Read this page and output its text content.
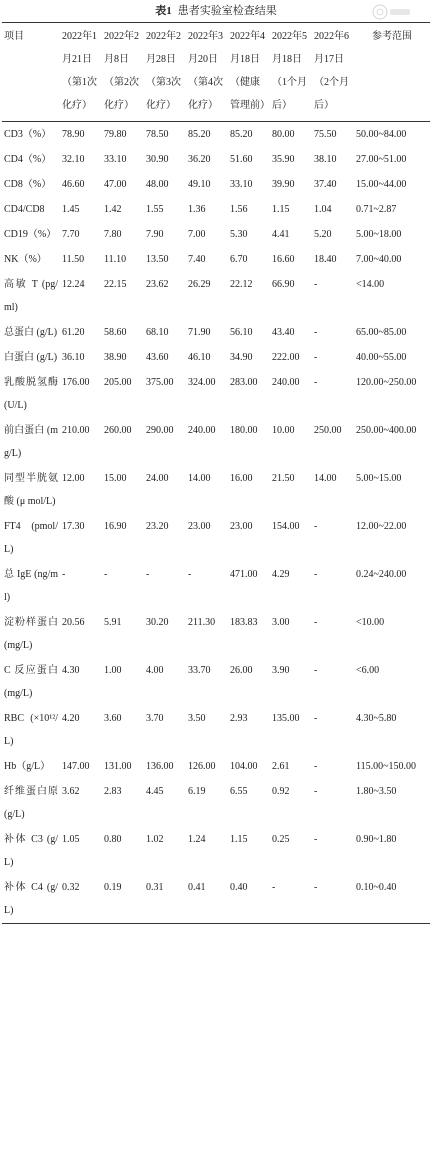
表1 患者实验室检查结果
项目	2022年1月21日（第1次化疗）	2022年2月8日（第2次化疗）	2022年2月28日（第3次化疗）	2022年3月20日（第4次化疗）	2022年4月18日（健康管理前）	2022年5月18日（1个月后）	2022年6月17日（2个月后）	参考范围
CD3（%）	78.90	79.80	78.50	85.20	85.20	80.00	75.50	50.00~84.00
CD4（%）	32.10	33.10	30.90	36.20	51.60	35.90	38.10	27.00~51.00
CD8（%）	46.60	47.00	48.00	49.10	33.10	39.90	37.40	15.00~44.00
CD4/CD8	1.45	1.42	1.55	1.36	1.56	1.15	1.04	0.71~2.87
CD19（%）	7.70	7.80	7.90	7.00	5.30	4.41	5.20	5.00~18.00
NK（%）	11.50	11.10	13.50	7.40	6.70	16.60	18.40	7.00~40.00
高敏 T (pg/ml)	12.24	22.15	23.62	26.29	22.12	66.90	-	<14.00
总蛋白 (g/L)	61.20	58.60	68.10	71.90	56.10	43.40	-	65.00~85.00
白蛋白 (g/L)	36.10	38.90	43.60	46.10	34.90	222.00	-	40.00~55.00
乳酸脱氢酶 (U/L)	176.00	205.00	375.00	324.00	283.00	240.00	-	120.00~250.00
前白蛋白 (mg/L)	210.00	260.00	290.00	240.00	180.00	10.00	250.00	250.00~400.00
同型半胱氨酸 (μ mol/L)	12.00	15.00	24.00	14.00	16.00	21.50	14.00	5.00~15.00
FT4 (pmol/L)	17.30	16.90	23.20	23.00	23.00	154.00	-	12.00~22.00
总 IgE (ng/ml)	-	-	-	-	471.00	4.29	-	0.24~240.00
淀粉样蛋白 (mg/L)	20.56	5.91	30.20	211.30	183.83	3.00	-	<10.00
C 反应蛋白 (mg/L)	4.30	1.00	4.00	33.70	26.00	3.90	-	<6.00
RBC (×10¹²/L)	4.20	3.60	3.70	3.50	2.93	135.00	-	4.30~5.80
Hb（g/L）	147.00	131.00	136.00	126.00	104.00	2.61	-	115.00~150.00
纤维蛋白原 (g/L)	3.62	2.83	4.45	6.19	6.55	0.92	-	1.80~3.50
补体 C3 (g/L)	1.05	0.80	1.02	1.24	1.15	0.25	-	0.90~1.80
补体 C4 (g/L)	0.32	0.19	0.31	0.41	0.40	-	-	0.10~0.40
